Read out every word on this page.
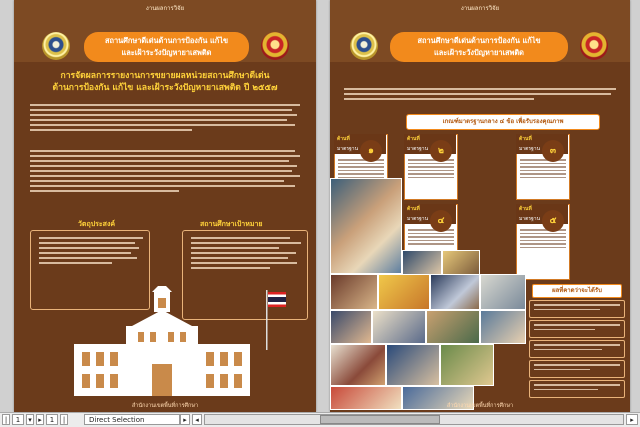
งานผลการวิจัย
สถานศึกษาดีเด่นด้านการป้องกัน แก้ไข
และเฝ้าระวังปัญหายาเสพติด
การจัดผลการรายงานการขยายผลหน่วยสถานศึกษาดีเด่น
ด้านการป้องกัน แก้ไข และเฝ้าระวังปัญหายาเสพติด ปี ๒๕๕๗
วัตถุประสงค์	สถานศึกษาเป้าหมาย
สำนักงานเขตพื้นที่การศึกษา
งานผลการวิจัย
สถานศึกษาดีเด่นด้านการป้องกัน แก้ไข
และเฝ้าระวังปัญหายาเสพติด
เกณฑ์มาตรฐานกลาง ๔ ข้อ เพื่อรับรองคุณภาพ
ด้านที่
มาตรฐาน	๑
ด้านที่
มาตรฐาน	๒
ด้านที่
มาตรฐาน	๓
ด้านที่
มาตรฐาน	๔
ด้านที่
มาตรฐาน	๕
ผลที่คาดว่าจะได้รับ
สำนักงานเขตพื้นที่การศึกษา
|	1	▾ ▸	1	|	Direct Selection	▸	◂	▸
